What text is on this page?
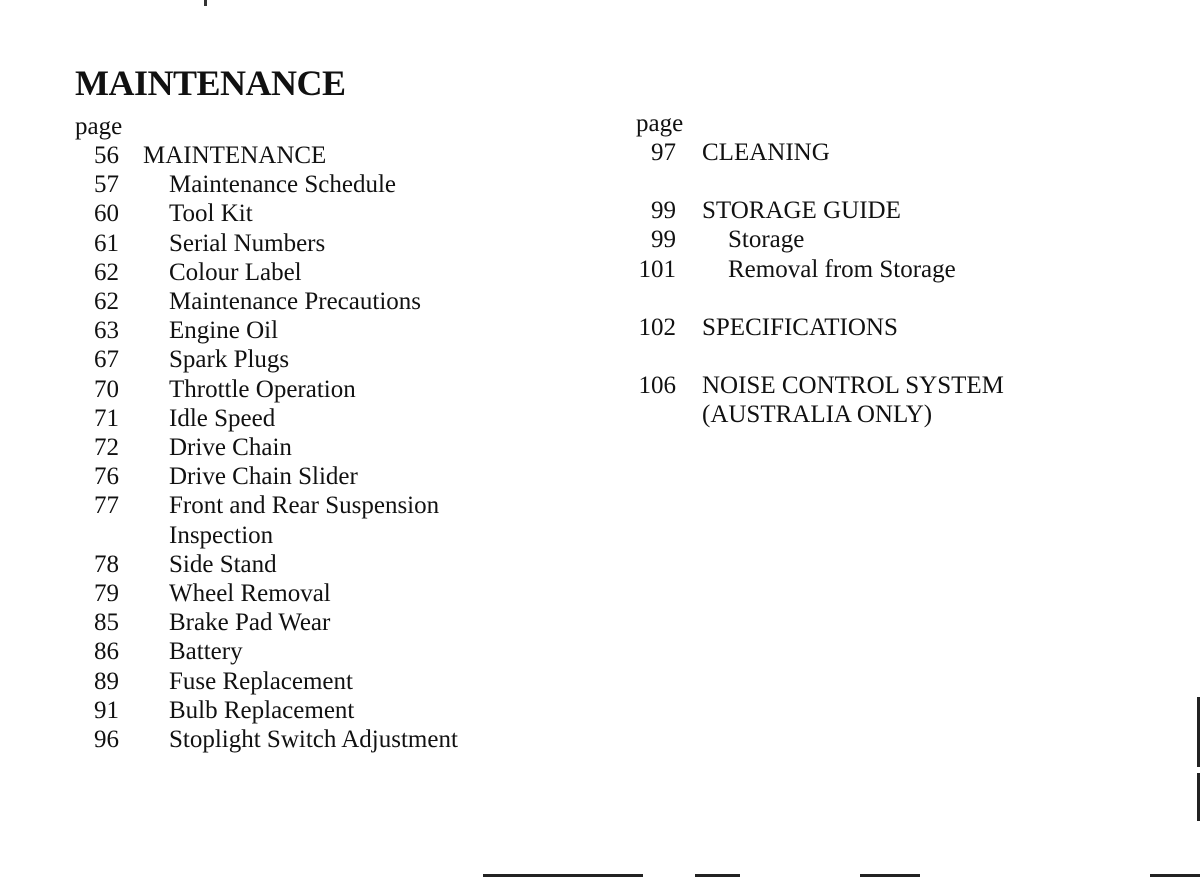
MAINTENANCE
page
56 MAINTENANCE
57 Maintenance Schedule
60 Tool Kit
61 Serial Numbers
62 Colour Label
62 Maintenance Precautions
63 Engine Oil
67 Spark Plugs
70 Throttle Operation
71 Idle Speed
72 Drive Chain
76 Drive Chain Slider
77 Front and Rear Suspension
Inspection
78 Side Stand
79 Wheel Removal
85 Brake Pad Wear
86 Battery
89 Fuse Replacement
91 Bulb Replacement
96 Stoplight Switch Adjustment
page
97 CLEANING
99 STORAGE GUIDE
99 Storage
101 Removal from Storage
102 SPECIFICATIONS
106 NOISE CONTROL SYSTEM
(AUSTRALIA ONLY)
